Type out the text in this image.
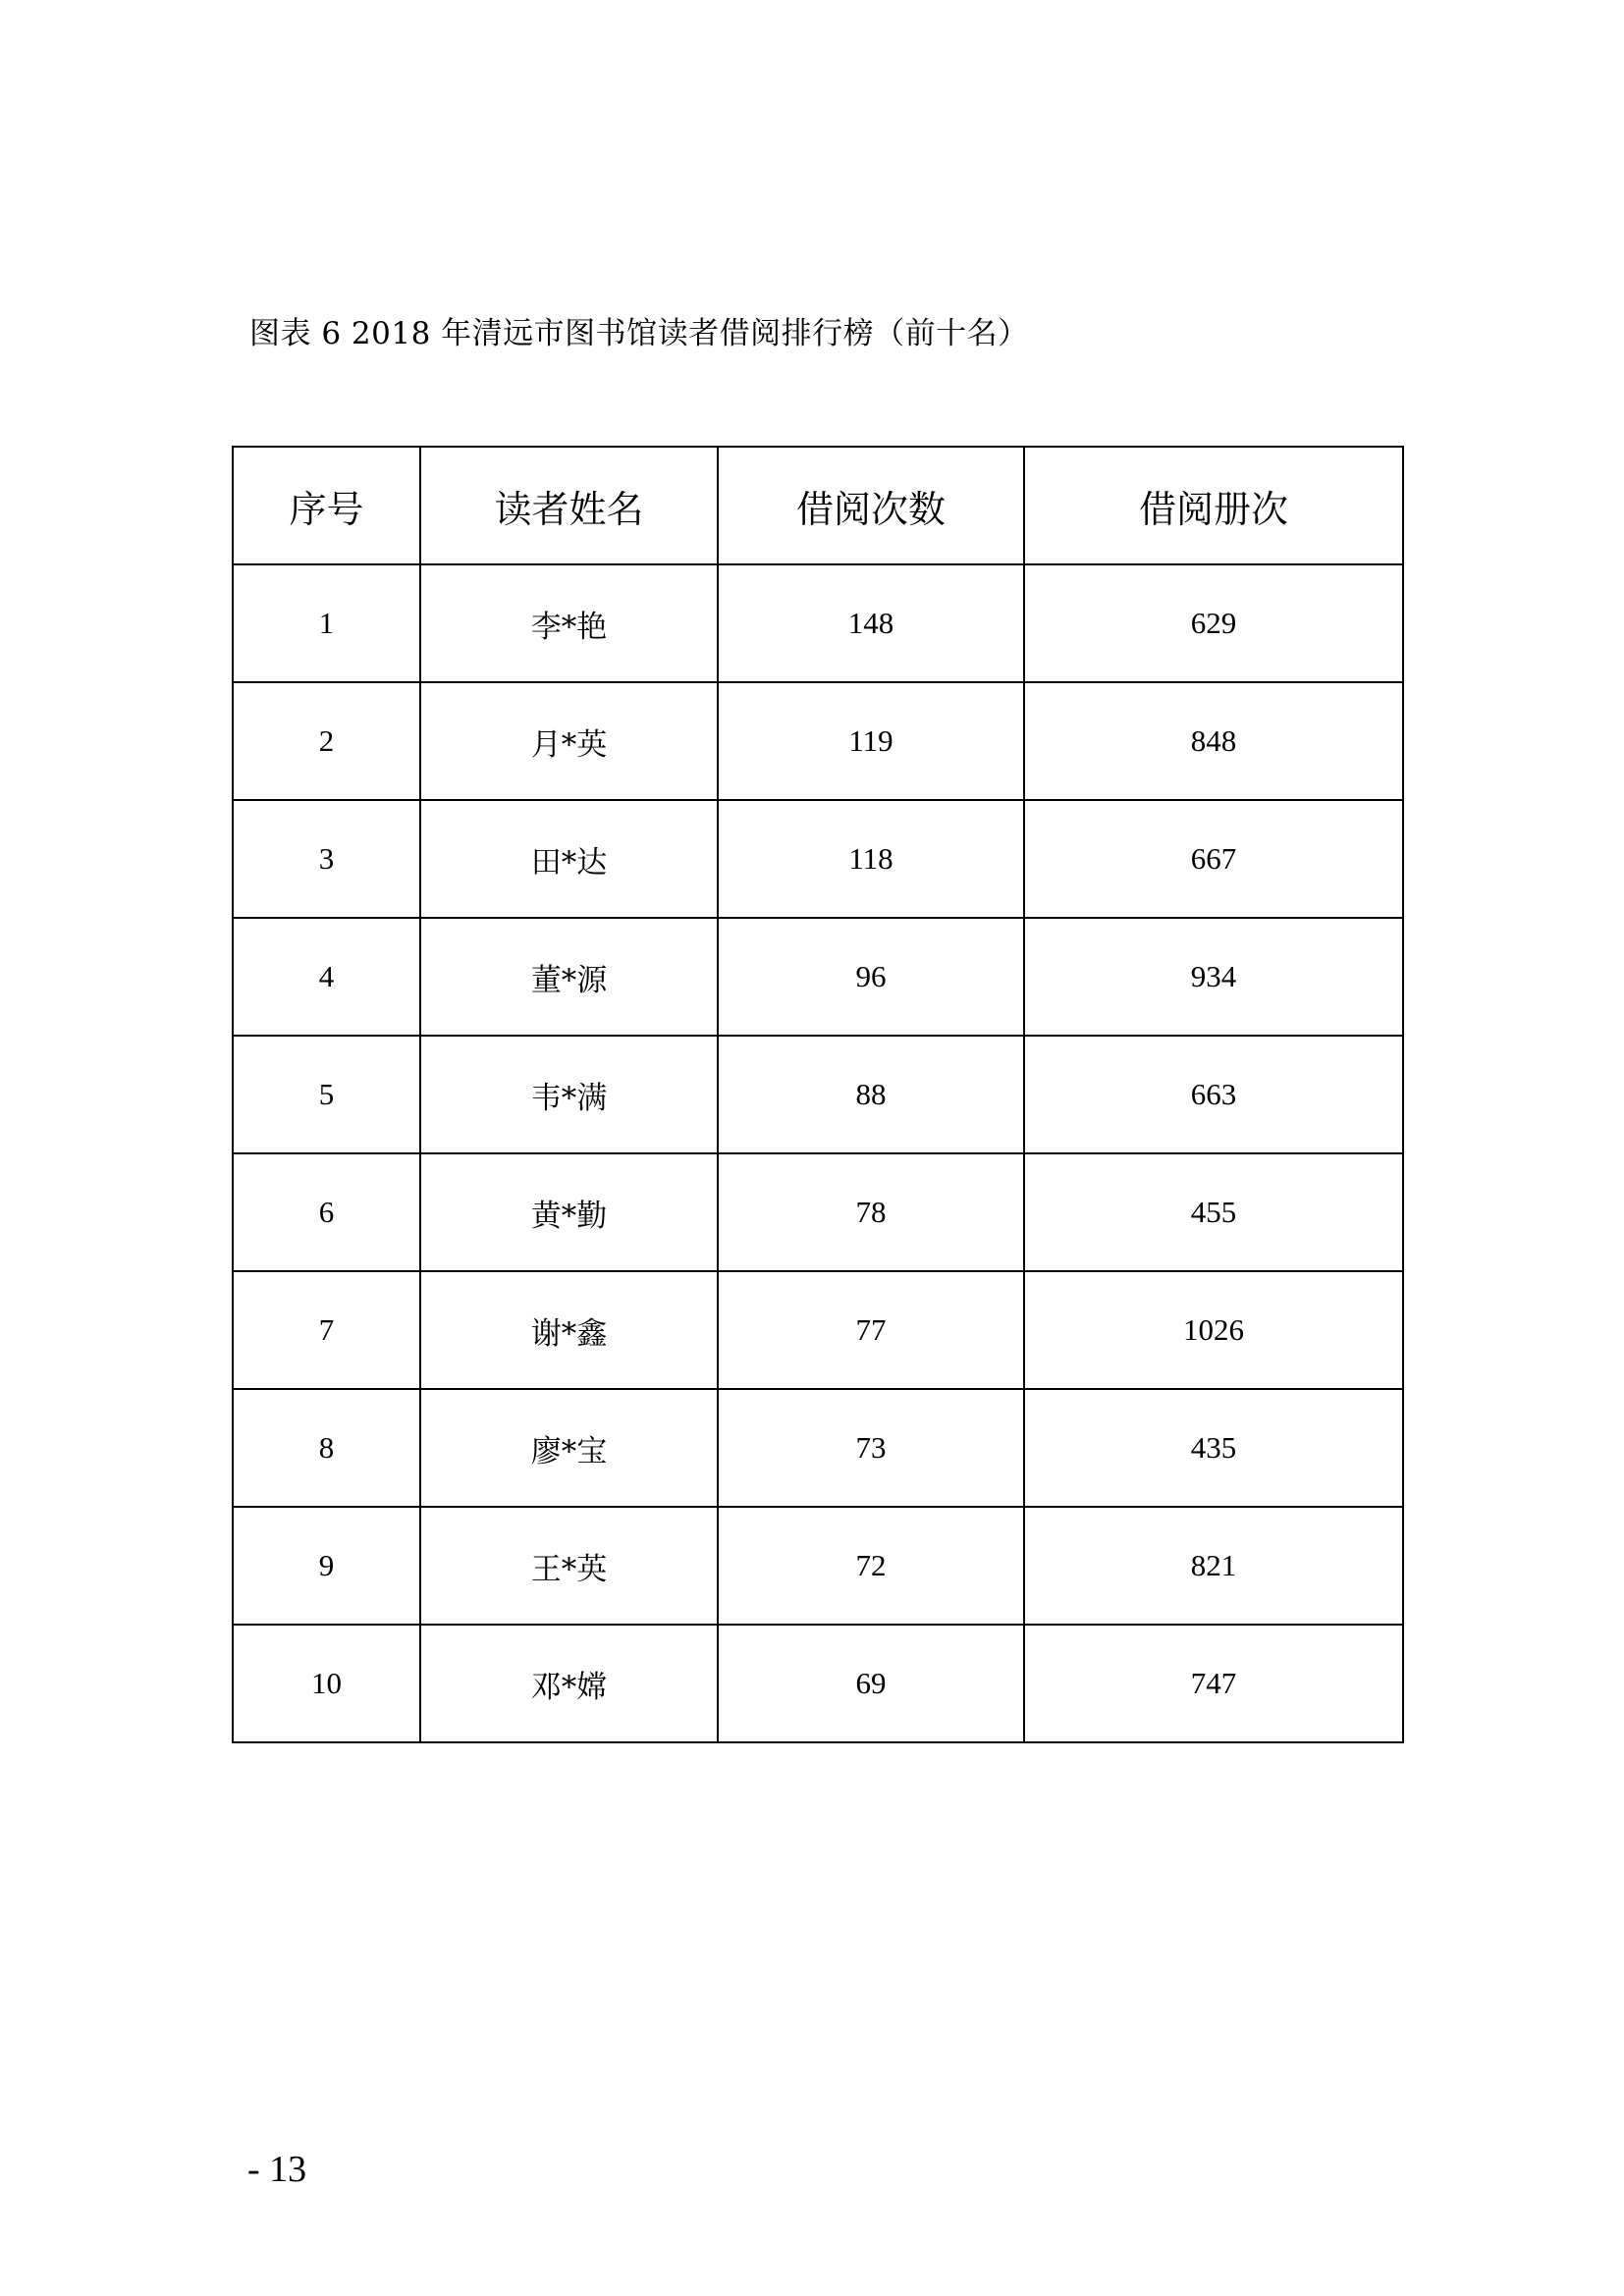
图表 6 2018 年清远市图书馆读者借阅排行榜（前十名）
序号	读者姓名	借阅次数	借阅册次
1	李*艳	148	629
2	月*英	119	848
3	田*达	118	667
4	董*源	96	934
5	韦*满	88	663
6	黄*勤	78	455
7	谢*鑫	77	1026
8	廖*宝	73	435
9	王*英	72	821
10	邓*嫦	69	747
- 13
